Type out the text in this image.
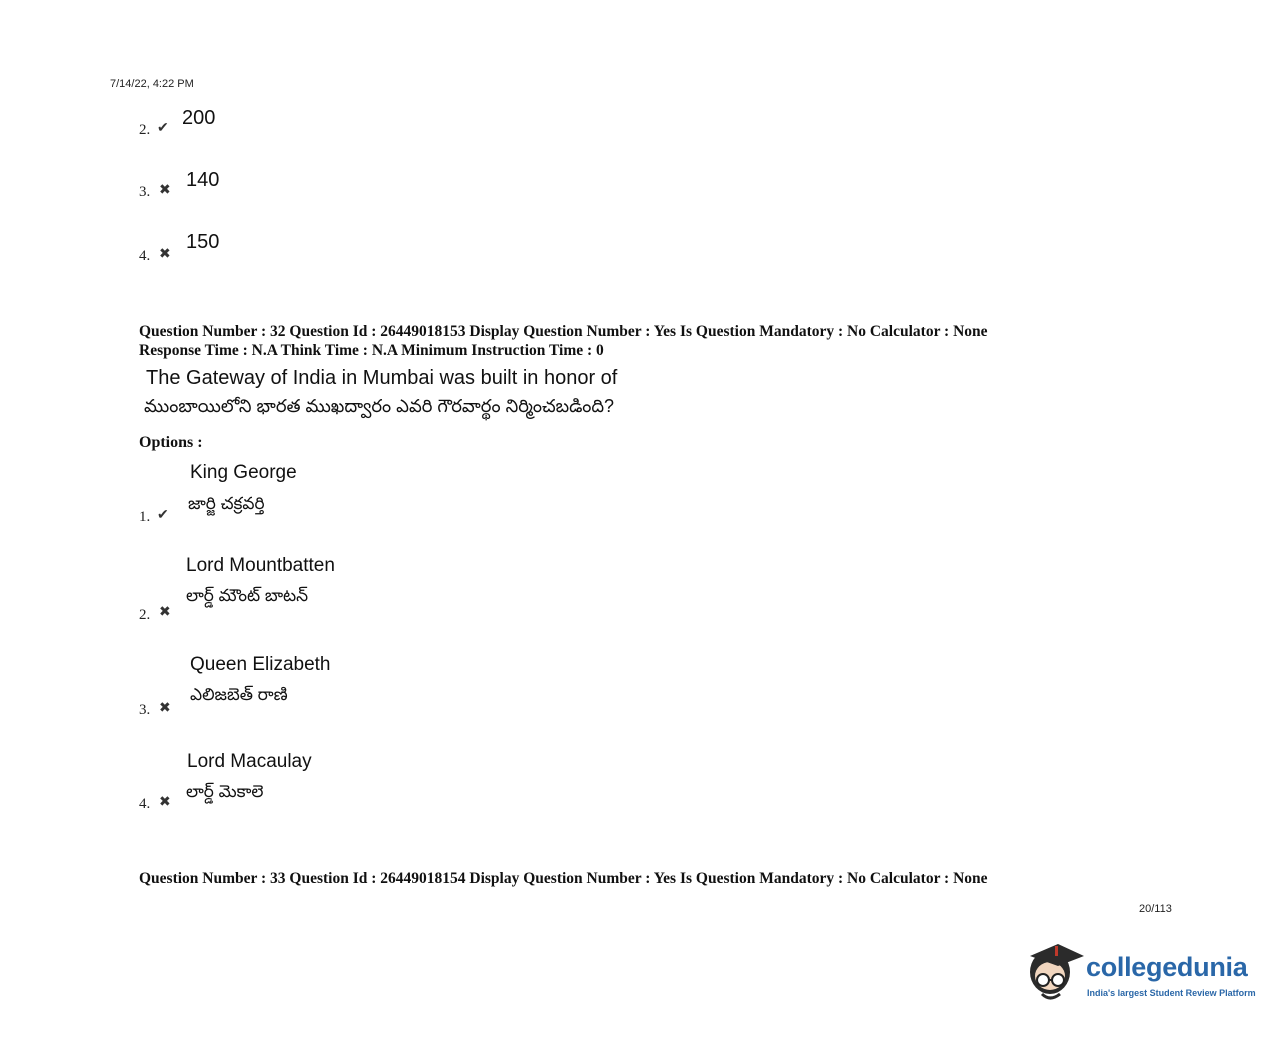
7/14/22, 4:22 PM
2. ✔ 200
3. ✖ 140
4. ✖ 150
Question Number : 32 Question Id : 26449018153 Display Question Number : Yes Is Question Mandatory : No Calculator : None
Response Time : N.A Think Time : N.A Minimum Instruction Time : 0
The Gateway of India in Mumbai was built in honor of
ముంబాయిలోని భారత ముఖద్వారం ఎవరి గౌరవార్థం నిర్మించబడింది?
Options :
King George
జార్జి చక్రవర్తి
1. ✔
Lord Mountbatten
లార్డ్ మౌంట్ బాటన్
2. ✖
Queen Elizabeth
ఎలిజబెత్ రాణి
3. ✖
Lord Macaulay
లార్డ్ మెకాలె
4. ✖
Question Number : 33 Question Id : 26449018154 Display Question Number : Yes Is Question Mandatory : No Calculator : None
20/113
collegedunia
India's largest Student Review Platform
